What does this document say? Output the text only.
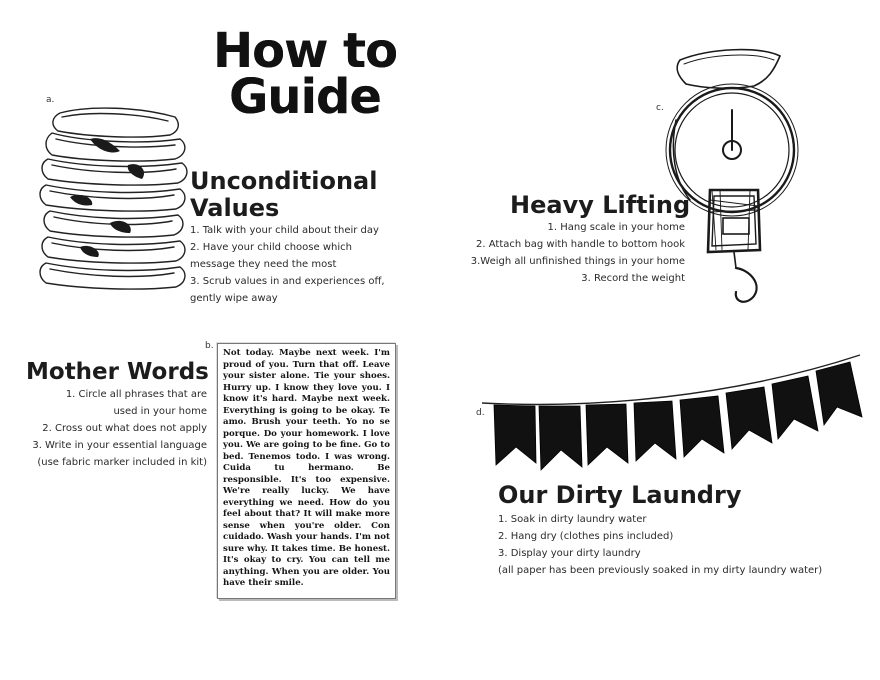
How to
Guide
a.
Unconditional
Values
1. Talk with your child about their day
2. Have your child choose which
message they need the most
3. Scrub values in and experiences off,
gently wipe away
c.
Heavy Lifting
1. Hang scale in your home
2. Attach bag with handle to bottom hook
3.Weigh all unfinished things in your home
3. Record the weight
Mother Words
1. Circle all phrases that are
used in your home
2. Cross out what does not apply
3. Write in your essential language
(use fabric marker included in kit)
b.
Not today. Maybe next week. I'm proud of you. Turn that off. Leave your sister alone. Tie your shoes. Hurry up. I know they love you. I know it's hard. Maybe next week. Everything is going to be okay. Te amo. Brush your teeth. Yo no se porque. Do your homework. I love you. We are going to be fine. Go to bed. Tenemos todo. I was wrong. Cuida tu hermano. Be responsible. It's too expensive. We're really lucky. We have everything we need. How do you feel about that? It will make more sense when you're older. Con cuidado. Wash your hands. I'm not sure why. It takes time. Be honest. It's okay to cry. You can tell me anything. When you are older. You have their smile.
d.
Our Dirty Laundry
1. Soak in dirty laundry water
2. Hang dry (clothes pins included)
3. Display your dirty laundry
(all paper has been previously soaked in my dirty laundry water)
